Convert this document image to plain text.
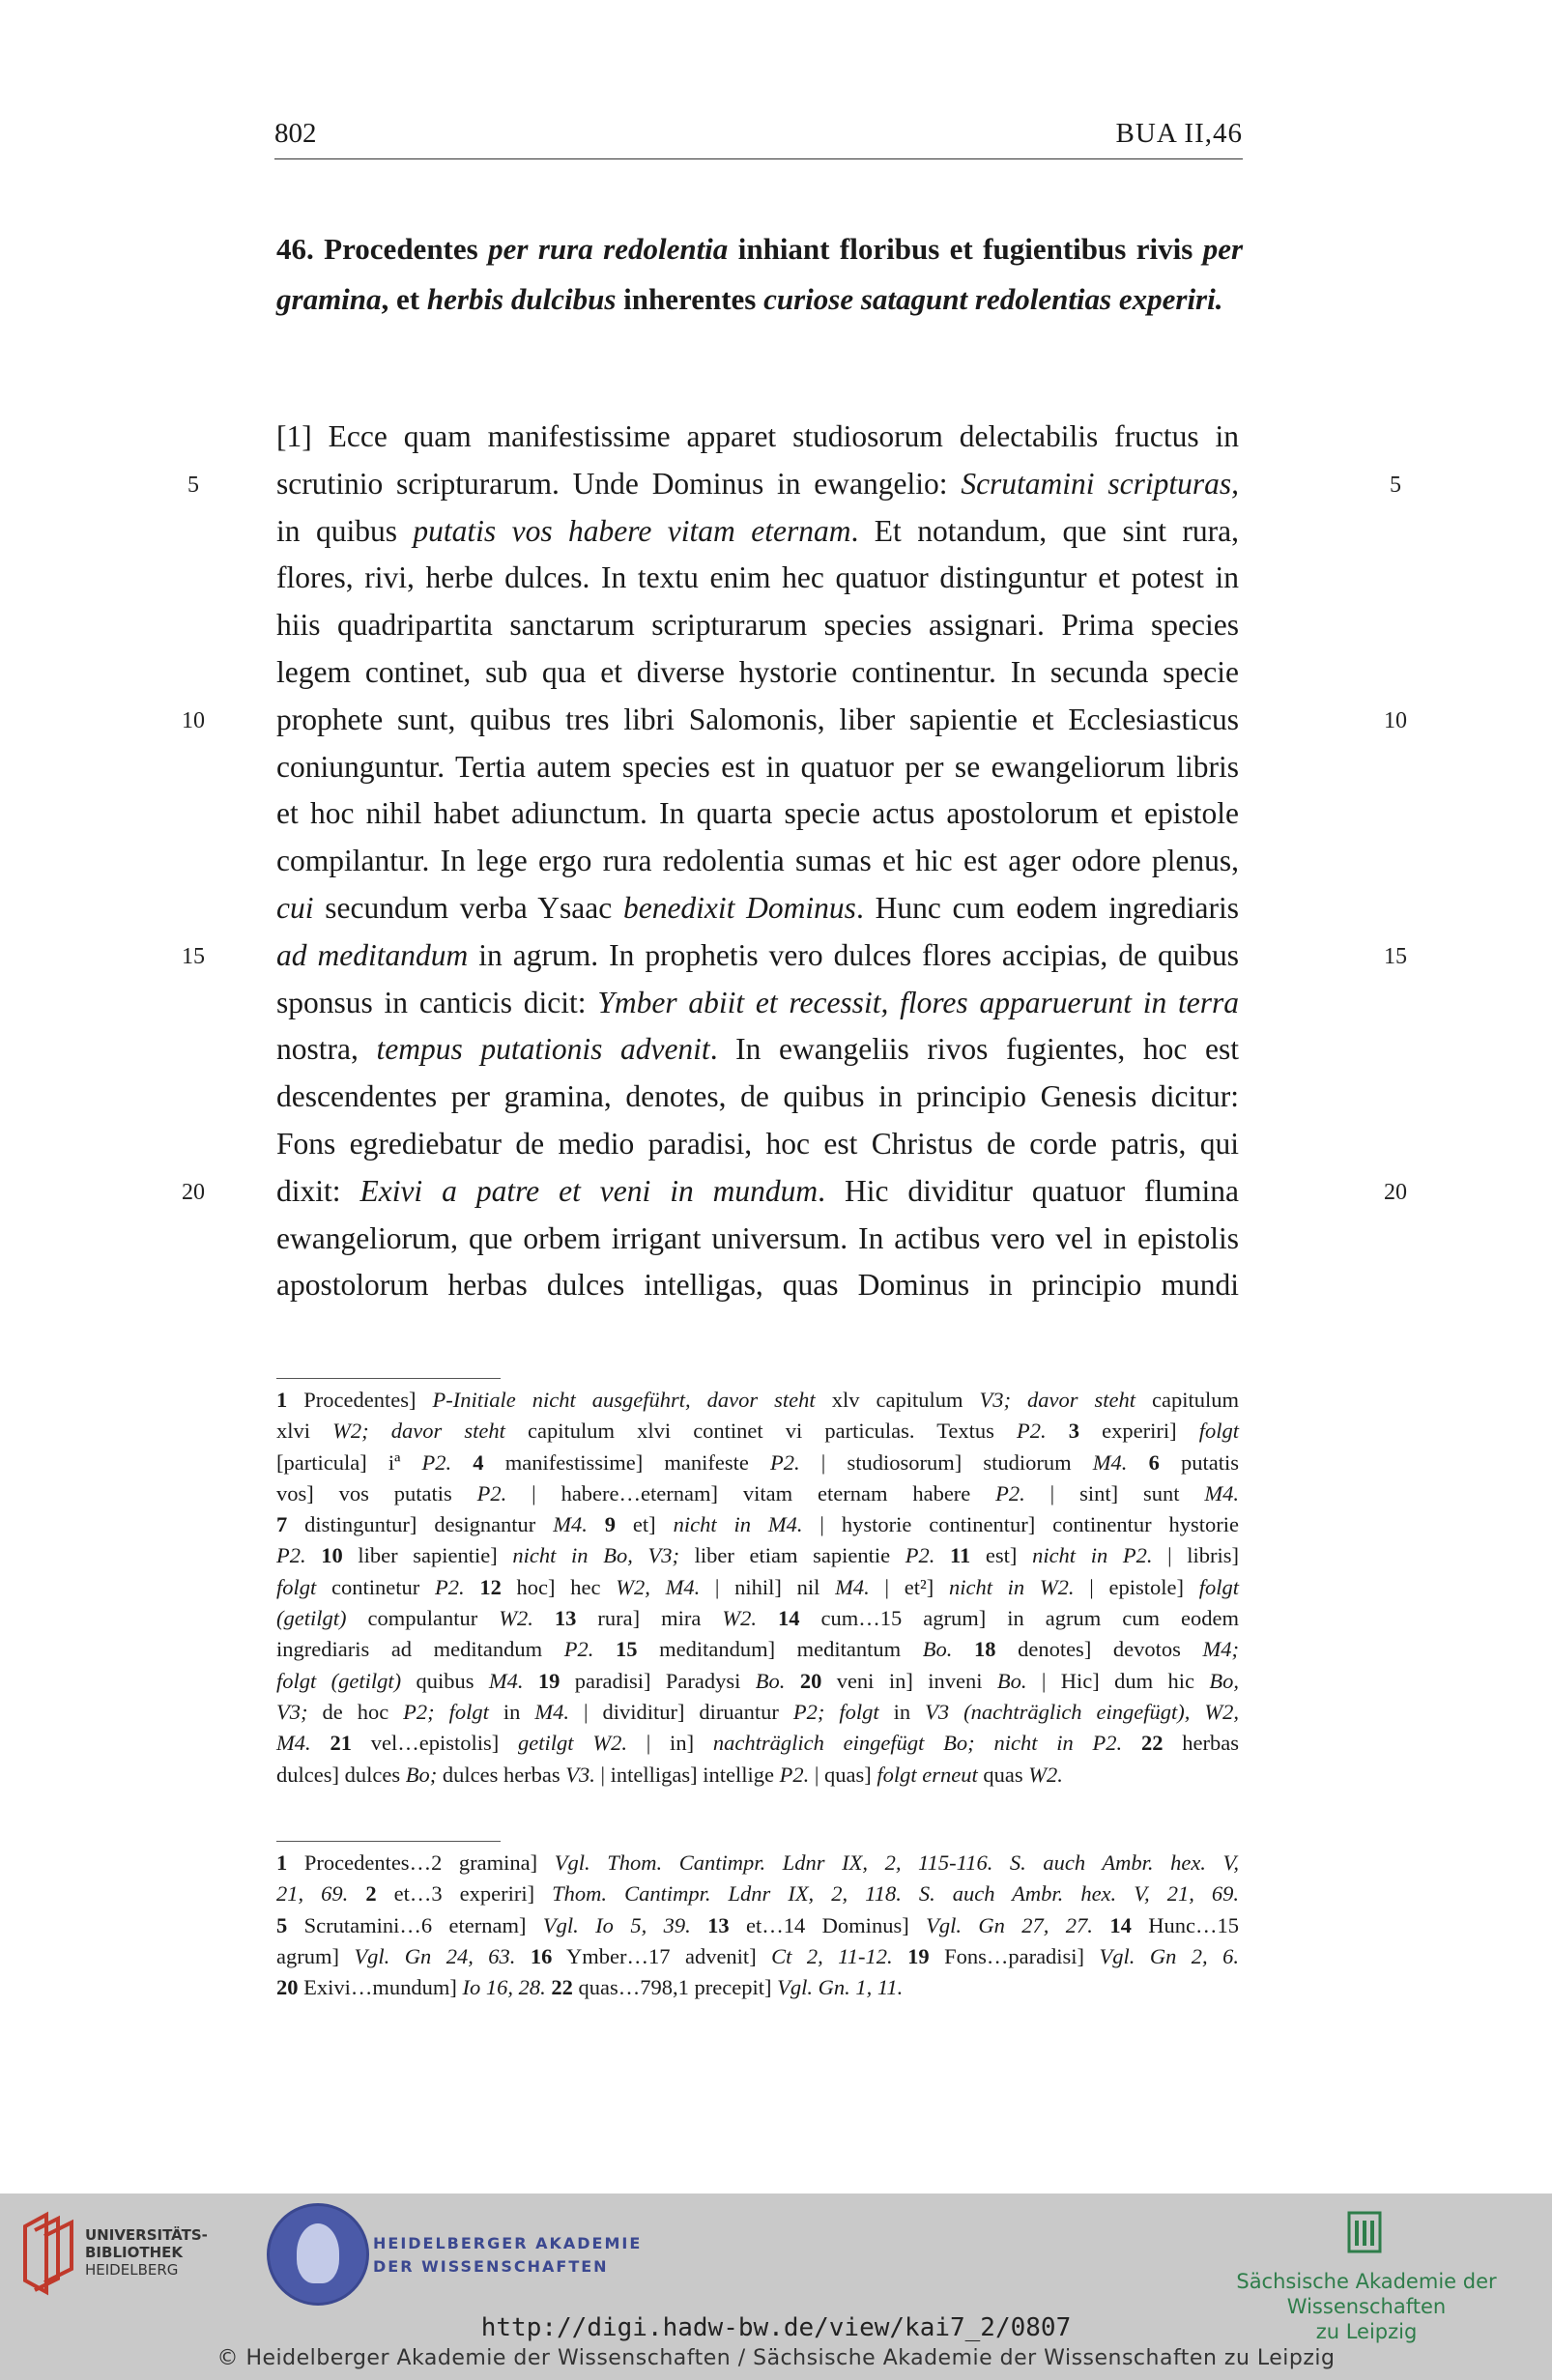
802	BUA II,46
46. Procedentes per rura redolentia inhiant floribus et fugientibus rivis per gramina, et herbis dulcibus inherentes curiose satagunt redolentias experiri.
[1] Ecce quam manifestissime apparet studiosorum delectabilis fructus in
scrutinio scripturarum. Unde Dominus in ewangelio: Scrutamini scripturas,
in quibus putatis vos habere vitam eternam. Et notandum, que sint rura,
flores, rivi, herbe dulces. In textu enim hec quatuor distinguntur et potest in
hiis quadripartita sanctarum scripturarum species assignari. Prima species
legem continet, sub qua et diverse hystorie continentur. In secunda specie
prophete sunt, quibus tres libri Salomonis, liber sapientie et Ecclesiasticus
coniunguntur. Tertia autem species est in quatuor per se ewangeliorum libris
et hoc nihil habet adiunctum. In quarta specie actus apostolorum et epistole
compilantur. In lege ergo rura redolentia sumas et hic est ager odore plenus,
cui secundum verba Ysaac benedixit Dominus. Hunc cum eodem ingrediaris
ad meditandum in agrum. In prophetis vero dulces flores accipias, de quibus
sponsus in canticis dicit: Ymber abiit et recessit, flores apparuerunt in terra
nostra, tempus putationis advenit. In ewangeliis rivos fugientes, hoc est
descendentes per gramina, denotes, de quibus in principio Genesis dicitur:
Fons egrediebatur de medio paradisi, hoc est Christus de corde patris, qui
dixit: Exivi a patre et veni in mundum. Hic dividitur quatuor flumina
ewangeliorum, que orbem irrigant universum. In actibus vero vel in epistolis
apostolorum herbas dulces intelligas, quas Dominus in principio mundi
5
10
15
20
5
10
15
20
1 Procedentes] P-Initiale nicht ausgeführt, davor steht xlv capitulum V3; davor steht capitulum
xlvi W2; davor steht capitulum xlvi continet vi particulas. Textus P2. 3 experiri] folgt
[particula] iª P2. 4 manifestissime] manifeste P2. | studiosorum] studiorum M4. 6 putatis
vos] vos putatis P2. | habere…eternam] vitam eternam habere P2. | sint] sunt M4.
7 distinguntur] designantur M4. 9 et] nicht in M4. | hystorie continentur] continentur hystorie
P2. 10 liber sapientie] nicht in Bo, V3; liber etiam sapientie P2. 11 est] nicht in P2. | libris]
folgt continetur P2. 12 hoc] hec W2, M4. | nihil] nil M4. | et²] nicht in W2. | epistole] folgt
(getilgt) compulantur W2. 13 rura] mira W2. 14 cum…15 agrum] in agrum cum eodem
ingrediaris ad meditandum P2. 15 meditandum] meditantum Bo. 18 denotes] devotos M4;
folgt (getilgt) quibus M4. 19 paradisi] Paradysi Bo. 20 veni in] inveni Bo. | Hic] dum hic Bo,
V3; de hoc P2; folgt in M4. | dividitur] diruantur P2; folgt in V3 (nachträglich eingefügt), W2,
M4. 21 vel…epistolis] getilgt W2. | in] nachträglich eingefügt Bo; nicht in P2. 22 herbas
dulces] dulces Bo; dulces herbas V3. | intelligas] intellige P2. | quas] folgt erneut quas W2.
1 Procedentes…2 gramina] Vgl. Thom. Cantimpr. Ldnr IX, 2, 115-116. S. auch Ambr. hex. V,
21, 69. 2 et…3 experiri] Thom. Cantimpr. Ldnr IX, 2, 118. S. auch Ambr. hex. V, 21, 69.
5 Scrutamini…6 eternam] Vgl. Io 5, 39. 13 et…14 Dominus] Vgl. Gn 27, 27. 14 Hunc…15
agrum] Vgl. Gn 24, 63. 16 Ymber…17 advenit] Ct 2, 11-12. 19 Fons…paradisi] Vgl. Gn 2, 6.
20 Exivi…mundum] Io 16, 28. 22 quas…798,1 precepit] Vgl. Gn. 1, 11.
UNIVERSITÄTS-
BIBLIOTHEK
HEIDELBERG
HEIDELBERGER AKADEMIE
DER WISSENSCHAFTEN
Sächsische Akademie der Wissenschaften
zu Leipzig
http://digi.hadw-bw.de/view/kai7_2/0807
© Heidelberger Akademie der Wissenschaften / Sächsische Akademie der Wissenschaften zu Leipzig
